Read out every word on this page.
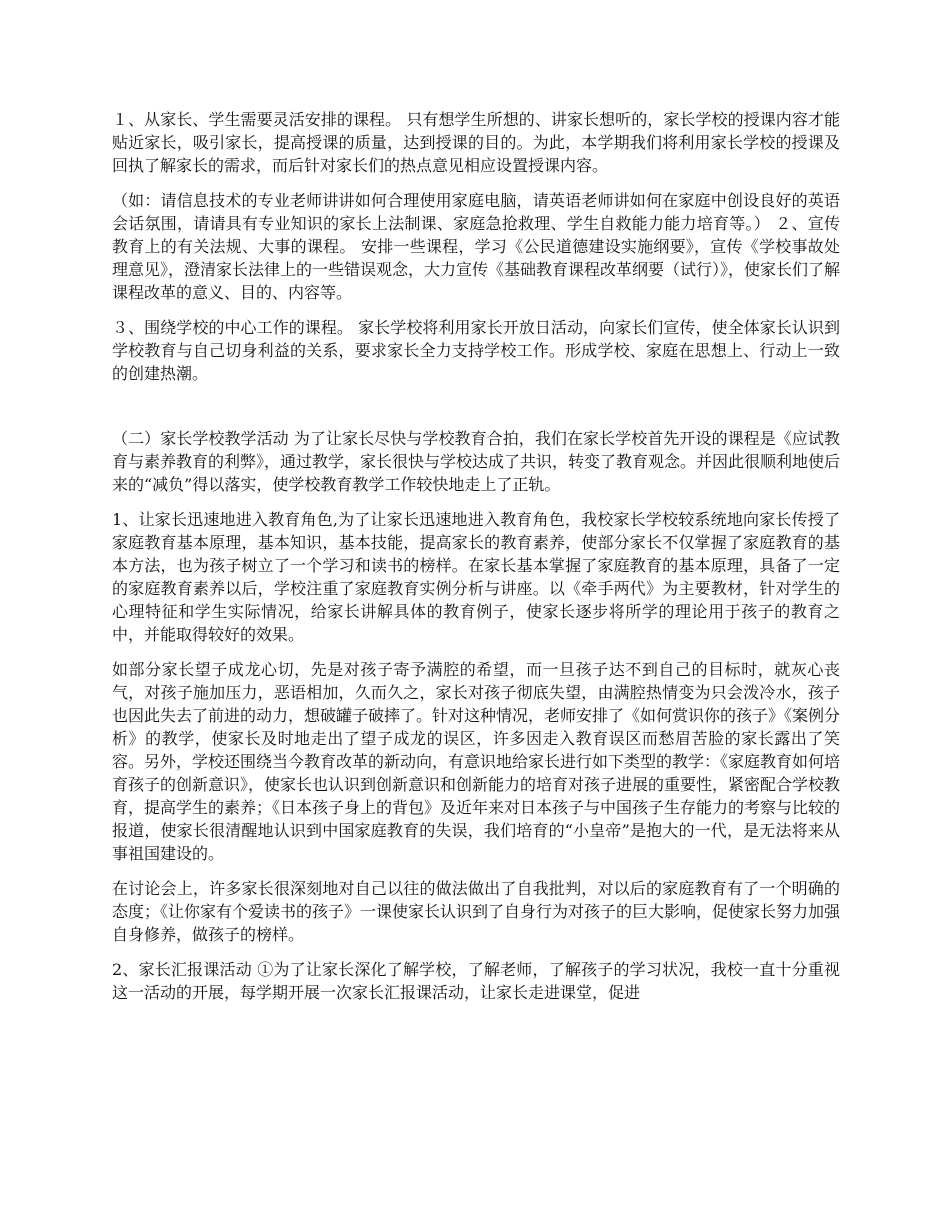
１、从家长、学生需要灵活安排的课程。 只有想学生所想的、讲家长想听的，家长学校的授课内容才能贴近家长，吸引家长，提高授课的质量，达到授课的目的。为此，本学期我们将利用家长学校的授课及回执了解家长的需求，而后针对家长们的热点意见相应设置授课内容。

（如：请信息技术的专业老师讲讲如何合理使用家庭电脑，请英语老师讲如何在家庭中创设良好的英语会话氛围，请请具有专业知识的家长上法制课、家庭急抢救理、学生自救能力能力培育等。） ２、宣传教育上的有关法规、大事的课程。 安排一些课程，学习《公民道德建设实施纲要》，宣传《学校事故处理意见》，澄清家长法律上的一些错误观念，大力宣传《基础教育课程改革纲要（试行）》，使家长们了解课程改革的意义、目的、内容等。

３、围绕学校的中心工作的课程。 家长学校将利用家长开放日活动，向家长们宣传，使全体家长认识到学校教育与自己切身利益的关系，要求家长全力支持学校工作。形成学校、家庭在思想上、行动上一致的创建热潮。

（二）家长学校教学活动 为了让家长尽快与学校教育合拍，我们在家长学校首先开设的课程是《应试教育与素养教育的利弊》，通过教学，家长很快与学校达成了共识，转变了教育观念。并因此很顺利地使后来的“减负”得以落实，使学校教育教学工作较快地走上了正轨。

1、让家长迅速地进入教育角色,为了让家长迅速地进入教育角色，我校家长学校较系统地向家长传授了家庭教育基本原理，基本知识，基本技能，提高家长的教育素养，使部分家长不仅掌握了家庭教育的基本方法，也为孩子树立了一个学习和读书的榜样。在家长基本掌握了家庭教育的基本原理，具备了一定的家庭教育素养以后，学校注重了家庭教育实例分析与讲座。以《牵手两代》为主要教材，针对学生的心理特征和学生实际情况，给家长讲解具体的教育例子，使家长逐步将所学的理论用于孩子的教育之中，并能取得较好的效果。

如部分家长望子成龙心切，先是对孩子寄予满腔的希望，而一旦孩子达不到自己的目标时，就灰心丧气，对孩子施加压力，恶语相加，久而久之，家长对孩子彻底失望，由满腔热情变为只会泼冷水，孩子也因此失去了前进的动力，想破罐子破摔了。针对这种情况，老师安排了《如何赏识你的孩子》《案例分析》的教学，使家长及时地走出了望子成龙的误区，许多因走入教育误区而愁眉苦脸的家长露出了笑容。另外，学校还围绕当今教育改革的新动向，有意识地给家长进行如下类型的教学：《家庭教育如何培育孩子的创新意识》，使家长也认识到创新意识和创新能力的培育对孩子进展的重要性，紧密配合学校教育，提高学生的素养；《日本孩子身上的背包》及近年来对日本孩子与中国孩子生存能力的考察与比较的报道，使家长很清醒地认识到中国家庭教育的失误，我们培育的“小皇帝”是抱大的一代，是无法将来从事祖国建设的。

在讨论会上，许多家长很深刻地对自己以往的做法做出了自我批判，对以后的家庭教育有了一个明确的态度；《让你家有个爱读书的孩子》一课使家长认识到了自身行为对孩子的巨大影响，促使家长努力加强自身修养，做孩子的榜样。

2、家长汇报课活动 ①为了让家长深化了解学校，了解老师，了解孩子的学习状况，我校一直十分重视这一活动的开展，每学期开展一次家长汇报课活动，让家长走进课堂，促进
